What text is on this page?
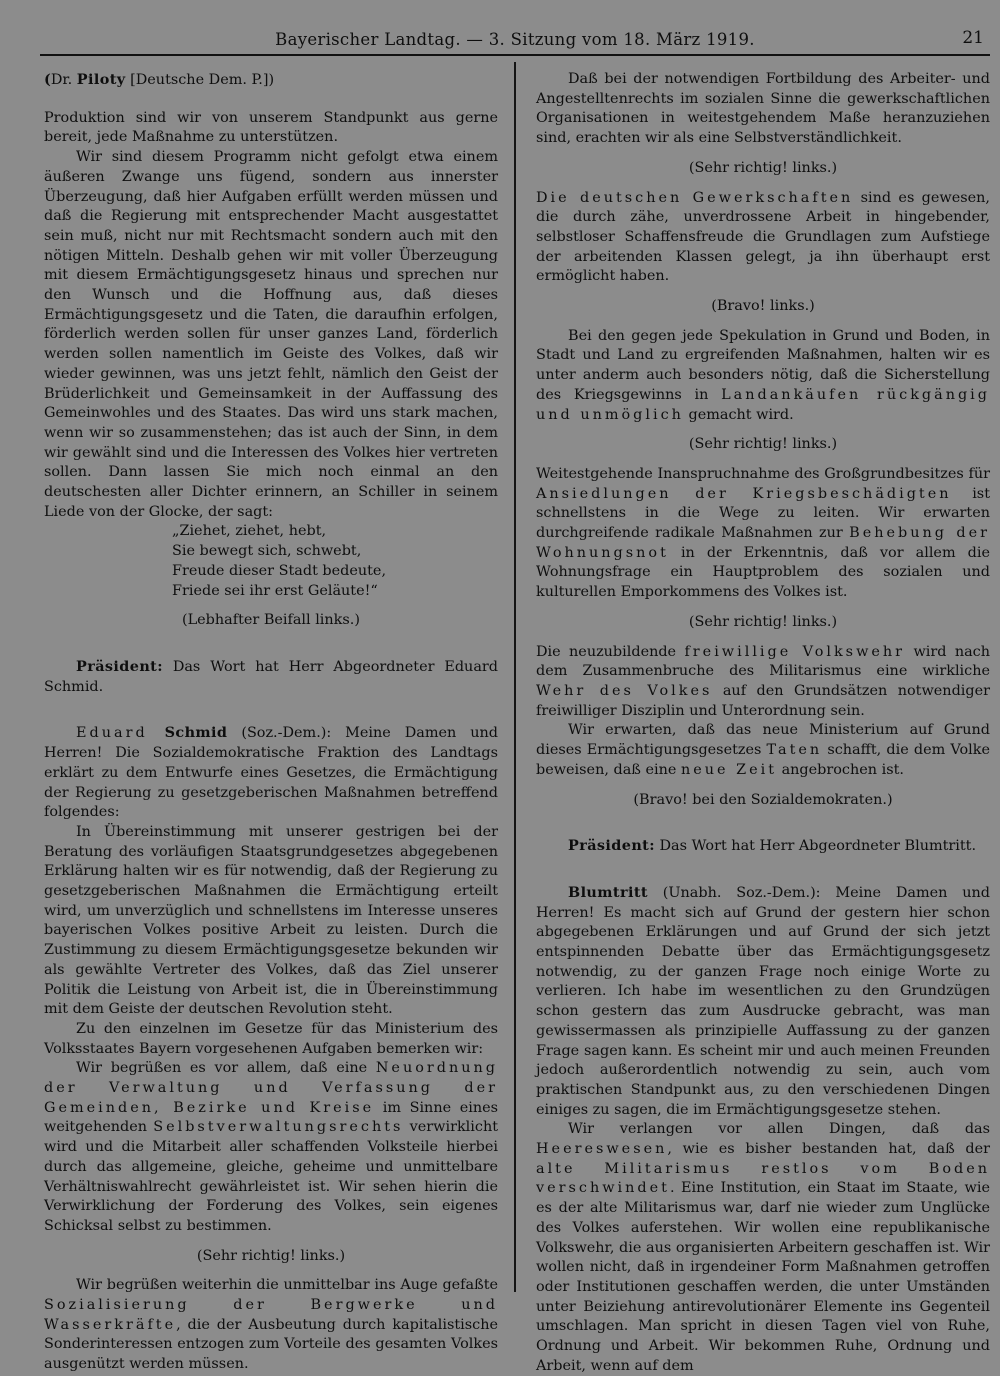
Bayerischer Landtag. — 3. Sitzung vom 18. März 1919.	21

(Dr. Piloty [Deutsche Dem. P.])

Produktion sind wir von unserem Standpunkt aus gerne bereit, jede Maßnahme zu unterstützen.

Wir sind diesem Programm nicht gefolgt etwa einem äußeren Zwange uns fügend, sondern aus innerster Überzeugung, daß hier Aufgaben erfüllt werden müssen und daß die Regierung mit entsprechender Macht ausgestattet sein muß, nicht nur mit Rechtsmacht sondern auch mit den nötigen Mitteln. Deshalb gehen wir mit voller Überzeugung mit diesem Ermächtigungsgesetz hinaus und sprechen nur den Wunsch und die Hoffnung aus, daß dieses Ermächtigungsgesetz und die Taten, die daraufhin erfolgen, förderlich werden sollen für unser ganzes Land, förderlich werden sollen namentlich im Geiste des Volkes, daß wir wieder gewinnen, was uns jetzt fehlt, nämlich den Geist der Brüderlichkeit und Gemeinsamkeit in der Auffassung des Gemeinwohles und des Staates. Das wird uns stark machen, wenn wir so zusammenstehen; das ist auch der Sinn, in dem wir gewählt sind und die Interessen des Volkes hier vertreten sollen. Dann lassen Sie mich noch einmal an den deutschesten aller Dichter erinnern, an Schiller in seinem Liede von der Glocke, der sagt:

„Ziehet, ziehet, hebt,
Sie bewegt sich, schwebt,
Freude dieser Stadt bedeute,
Friede sei ihr erst Geläute!“

(Lebhafter Beifall links.)

Präsident: Das Wort hat Herr Abgeordneter Eduard Schmid.

Eduard Schmid (Soz.-Dem.): Meine Damen und Herren! Die Sozialdemokratische Fraktion des Landtags erklärt zu dem Entwurfe eines Gesetzes, die Ermächtigung der Regierung zu gesetzgeberischen Maßnahmen betreffend folgendes:

In Übereinstimmung mit unserer gestrigen bei der Beratung des vorläufigen Staatsgrundgesetzes abgegebenen Erklärung halten wir es für notwendig, daß der Regierung zu gesetzgeberischen Maßnahmen die Ermächtigung erteilt wird, um unverzüglich und schnellstens im Interesse unseres bayerischen Volkes positive Arbeit zu leisten. Durch die Zustimmung zu diesem Ermächtigungsgesetze bekunden wir als gewählte Vertreter des Volkes, daß das Ziel unserer Politik die Leistung von Arbeit ist, die in Übereinstimmung mit dem Geiste der deutschen Revolution steht.

Zu den einzelnen im Gesetze für das Ministerium des Volksstaates Bayern vorgesehenen Aufgaben bemerken wir:

Wir begrüßen es vor allem, daß eine Neuordnung der Verwaltung und Verfassung der Gemeinden, Bezirke und Kreise im Sinne eines weitgehenden Selbstverwaltungsrechts verwirklicht wird und die Mitarbeit aller schaffenden Volksteile hierbei durch das allgemeine, gleiche, geheime und unmittelbare Verhältniswahlrecht gewährleistet ist. Wir sehen hierin die Verwirklichung der Forderung des Volkes, sein eigenes Schicksal selbst zu bestimmen.

(Sehr richtig! links.)

Wir begrüßen weiterhin die unmittelbar ins Auge gefaßte Sozialisierung der Bergwerke und Wasserkräfte, die der Ausbeutung durch kapitalistische Sonderinteressen entzogen zum Vorteile des gesamten Volkes ausgenützt werden müssen.

Daß bei der notwendigen Fortbildung des Arbeiter- und Angestelltenrechts im sozialen Sinne die gewerkschaftlichen Organisationen in weitestgehendem Maße heranzuziehen sind, erachten wir als eine Selbstverständlichkeit.

(Sehr richtig! links.)

Die deutschen Gewerkschaften sind es gewesen, die durch zähe, unverdrossene Arbeit in hingebender, selbstloser Schaffensfreude die Grundlagen zum Aufstiege der arbeitenden Klassen gelegt, ja ihn überhaupt erst ermöglicht haben.

(Bravo! links.)

Bei den gegen jede Spekulation in Grund und Boden, in Stadt und Land zu ergreifenden Maßnahmen, halten wir es unter anderm auch besonders nötig, daß die Sicherstellung des Kriegsgewinns in Landankäufen rückgängig und unmöglich gemacht wird.

(Sehr richtig! links.)

Weitestgehende Inanspruchnahme des Großgrundbesitzes für Ansiedlungen der Kriegsbeschädigten ist schnellstens in die Wege zu leiten. Wir erwarten durchgreifende radikale Maßnahmen zur Behebung der Wohnungsnot in der Erkenntnis, daß vor allem die Wohnungsfrage ein Hauptproblem des sozialen und kulturellen Emporkommens des Volkes ist.

(Sehr richtig! links.)

Die neuzubildende freiwillige Volkswehr wird nach dem Zusammenbruche des Militarismus eine wirkliche Wehr des Volkes auf den Grundsätzen notwendiger freiwilliger Disziplin und Unterordnung sein.

Wir erwarten, daß das neue Ministerium auf Grund dieses Ermächtigungsgesetzes Taten schafft, die dem Volke beweisen, daß eine neue Zeit angebrochen ist.

(Bravo! bei den Sozialdemokraten.)

Präsident: Das Wort hat Herr Abgeordneter Blumtritt.

Blumtritt (Unabh. Soz.-Dem.): Meine Damen und Herren! Es macht sich auf Grund der gestern hier schon abgegebenen Erklärungen und auf Grund der sich jetzt entspinnenden Debatte über das Ermächtigungsgesetz notwendig, zu der ganzen Frage noch einige Worte zu verlieren. Ich habe im wesentlichen zu den Grundzügen schon gestern das zum Ausdrucke gebracht, was man gewissermassen als prinzipielle Auffassung zu der ganzen Frage sagen kann. Es scheint mir und auch meinen Freunden jedoch außerordentlich notwendig zu sein, auch vom praktischen Standpunkt aus, zu den verschiedenen Dingen einiges zu sagen, die im Ermächtigungsgesetze stehen.

Wir verlangen vor allen Dingen, daß das Heereswesen, wie es bisher bestanden hat, daß der alte Militarismus restlos vom Boden verschwindet. Eine Institution, ein Staat im Staate, wie es der alte Militarismus war, darf nie wieder zum Unglücke des Volkes auferstehen. Wir wollen eine republikanische Volkswehr, die aus organisierten Arbeitern geschaffen ist. Wir wollen nicht, daß in irgendeiner Form Maßnahmen getroffen oder Institutionen geschaffen werden, die unter Umständen unter Beiziehung antirevolutionärer Elemente ins Gegenteil umschlagen. Man spricht in diesen Tagen viel von Ruhe, Ordnung und Arbeit. Wir bekommen Ruhe, Ordnung und Arbeit, wenn auf dem
